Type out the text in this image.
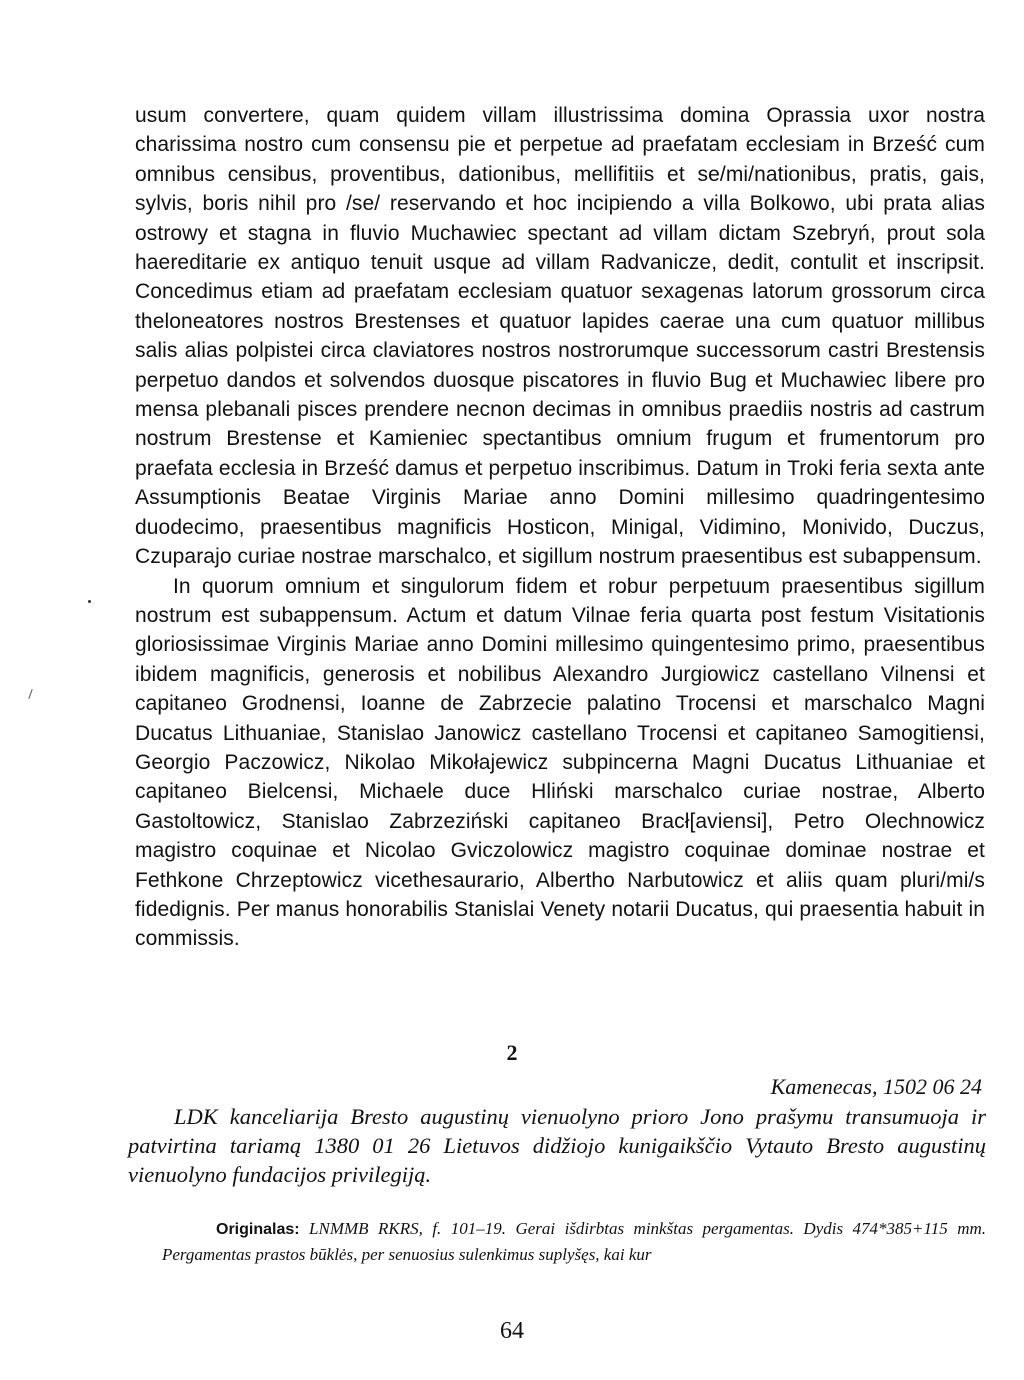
usum convertere, quam quidem villam illustrissima domina Oprassia uxor nostra charissima nostro cum consensu pie et perpetue ad praefatam ecclesiam in Brześć cum omnibus censibus, proventibus, dationibus, mellifitiis et se/mi/nationibus, pratis, gais, sylvis, boris nihil pro /se/ reservando et hoc incipiendo a villa Bolkowo, ubi prata alias ostrowy et stagna in fluvio Muchawiec spectant ad villam dictam Szebryń, prout sola haereditarie ex antiquo tenuit usque ad villam Radvanicze, dedit, contulit et inscripsit. Concedimus etiam ad praefatam ecclesiam quatuor sexagenas latorum grossorum circa theloneatores nostros Brestenses et quatuor lapides caerae una cum quatuor millibus salis alias polpistei circa claviatores nostros nostrorumque successorum castri Brestensis perpetuo dandos et solvendos duosque piscatores in fluvio Bug et Muchawiec libere pro mensa plebanali pisces prendere necnon decimas in omnibus praediis nostris ad castrum nostrum Brestense et Kamieniec spectantibus omnium frugum et frumentorum pro praefata ecclesia in Brześć damus et perpetuo inscribimus. Datum in Troki feria sexta ante Assumptionis Beatae Virginis Mariae anno Domini millesimo quadringentesimo duodecimo, praesentibus magnificis Hosticon, Minigal, Vidimino, Monivido, Duczus, Czuparajo curiae nostrae marschalco, et sigillum nostrum praesentibus est subappensum.

In quorum omnium et singulorum fidem et robur perpetuum praesentibus sigillum nostrum est subappensum. Actum et datum Vilnae feria quarta post festum Visitationis gloriosissimae Virginis Mariae anno Domini millesimo quingentesimo primo, praesentibus ibidem magnificis, generosis et nobilibus Alexandro Jurgiowicz castellano Vilnensi et capitaneo Grodnensi, Ioanne de Zabrzecie palatino Trocensi et marschalco Magni Ducatus Lithuaniae, Stanislao Janowicz castellano Trocensi et capitaneo Samogitiensi, Georgio Paczowicz, Nikolao Mikołajewicz subpincerna Magni Ducatus Lithuaniae et capitaneo Bielcensi, Michaele duce Hliński marschalco curiae nostrae, Alberto Gastoltowicz, Stanislao Zabrzeziński capitaneo Bracł[aviensi], Petro Olechnowicz magistro coquinae et Nicolao Gviczolowicz magistro coquinae dominae nostrae et Fethkone Chrzeptowicz vicethesaurario, Albertho Narbutowicz et aliis quam pluri/mi/s fidedignis. Per manus honorabilis Stanislai Venety notarii Ducatus, qui praesentia habuit in commissis.

2
Kamenecas, 1502 06 24
LDK kanceliarija Bresto augustinų vienuolyno prioro Jono prašymu transumuoja ir patvirtina tariamą 1380 01 26 Lietuvos didžiojo kunigaikščio Vytauto Bresto augustinų vienuolyno fundacijos privilegiją.
Originalas: LNMMB RKRS, f. 101–19. Gerai išdirbtas minkštas pergamentas. Dydis 474*385+115 mm. Pergamentas prastos būklės, per senuosius sulenkimus suplyšęs, kai kur
64
